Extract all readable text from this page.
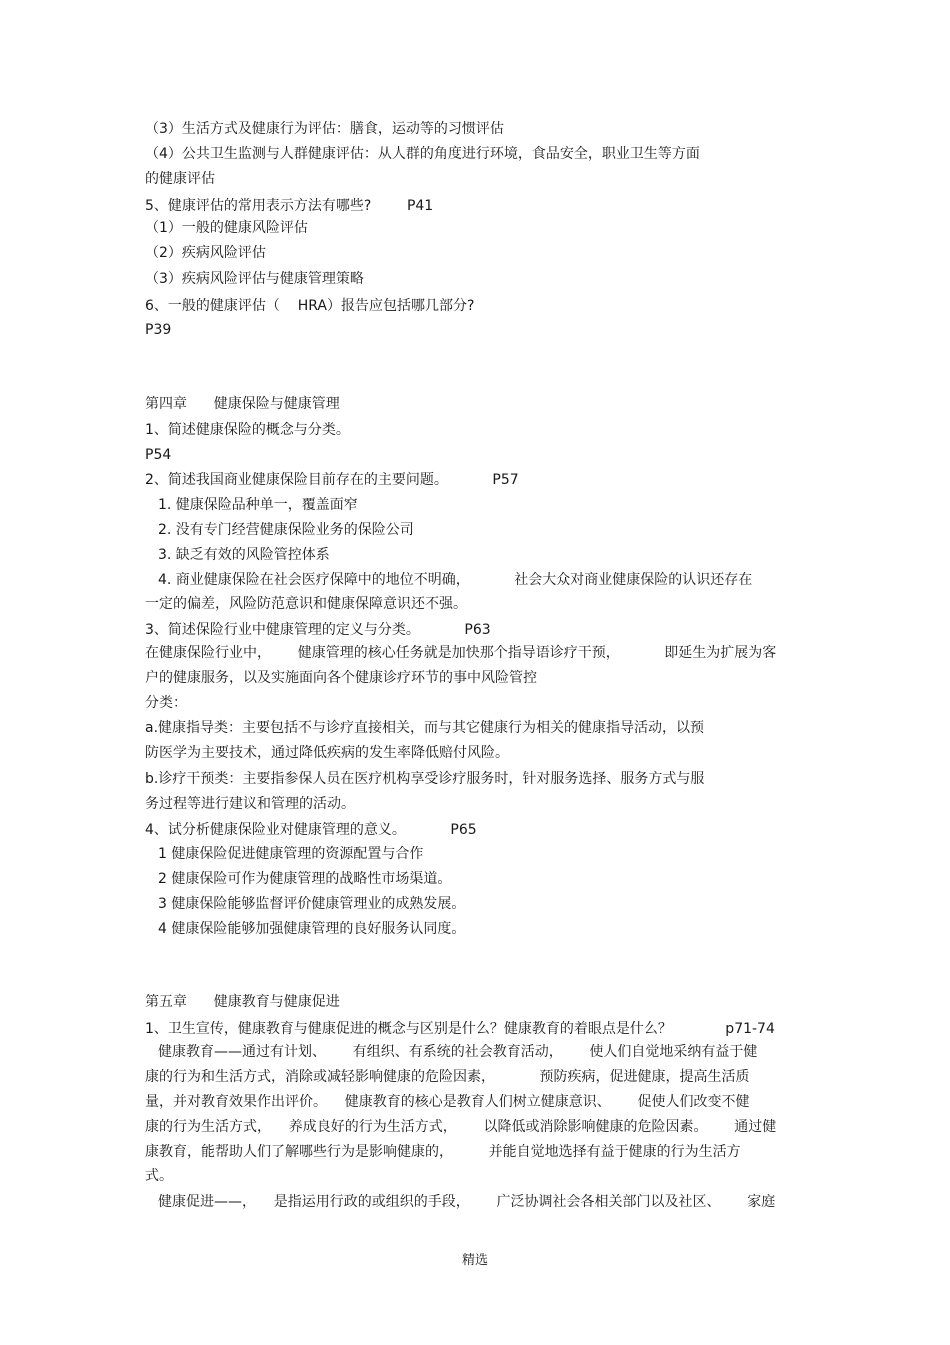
（3）生活方式及健康行为评估：膳食，运动等的习惯评估
（4）公共卫生监测与人群健康评估：从人群的角度进行环境，食品安全，职业卫生等方面
的健康评估
5、健康评估的常用表示方法有哪些?        P41
（1）一般的健康风险评估
（2）疾病风险评估
（3）疾病风险评估与健康管理策略
6、一般的健康评估（    HRA）报告应包括哪几部分?
P39
第四章      健康保险与健康管理
1、简述健康保险的概念与分类。
P54
2、简述我国商业健康保险目前存在的主要问题。          P57
1. 健康保险品种单一，覆盖面窄
2. 没有专门经营健康保险业务的保险公司
3. 缺乏有效的风险管控体系
4. 商业健康保险在社会医疗保障中的地位不明确，          社会大众对商业健康保险的认识还存在
一定的偏差，风险防范意识和健康保障意识还不强。
3、简述保险行业中健康管理的定义与分类。          P63
在健康保险行业中，      健康管理的核心任务就是加快那个指导语诊疗干预，          即延生为扩展为客
户的健康服务，以及实施面向各个健康诊疗环节的事中风险管控
分类：
a.健康指导类：主要包括不与诊疗直接相关，而与其它健康行为相关的健康指导活动，以预
防医学为主要技术，通过降低疾病的发生率降低赔付风险。
b.诊疗干预类：主要指参保人员在医疗机构享受诊疗服务时，针对服务选择、服务方式与服
务过程等进行建议和管理的活动。
4、试分析健康保险业对健康管理的意义。          P65
1 健康保险促进健康管理的资源配置与合作
2 健康保险可作为健康管理的战略性市场渠道。
3 健康保险能够监督评价健康管理业的成熟发展。
4 健康保险能够加强健康管理的良好服务认同度。
第五章      健康教育与健康促进
1、卫生宣传，健康教育与健康促进的概念与区别是什么？健康教育的着眼点是什么？            p71-74
健康教育——通过有计划、      有组织、有系统的社会教育活动，      使人们自觉地采纳有益于健
康的行为和生活方式，消除或减轻影响健康的危险因素，          预防疾病，促进健康，提高生活质
量，并对教育效果作出评价。    健康教育的核心是教育人们树立健康意识、      促使人们改变不健
康的行为生活方式，    养成良好的行为生活方式，      以降低或消除影响健康的危险因素。      通过健
康教育，能帮助人们了解哪些行为是影响健康的，        并能自觉地选择有益于健康的行为生活方
式。
健康促进——，    是指运用行政的或组织的手段，      广泛协调社会各相关部门以及社区、      家庭
精选
